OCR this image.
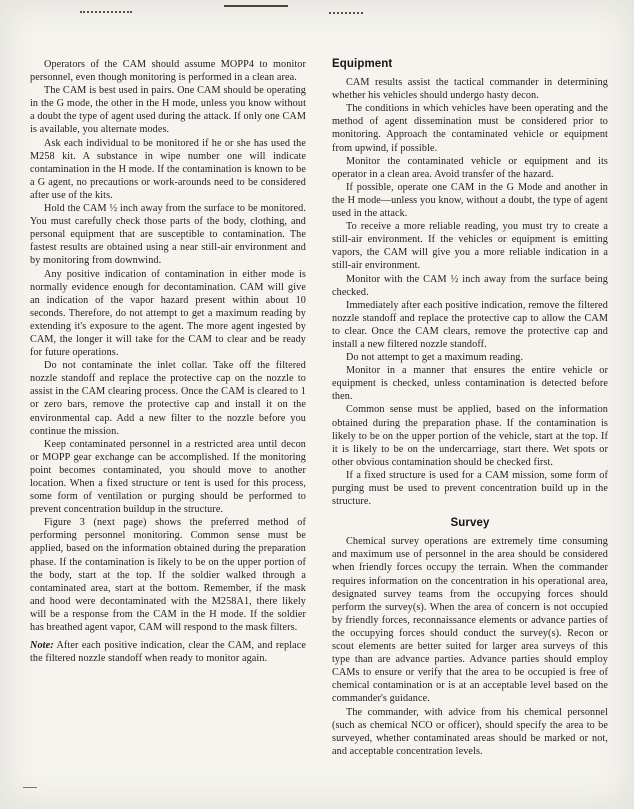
Operators of the CAM should assume MOPP4 to monitor personnel, even though monitoring is performed in a clean area.

The CAM is best used in pairs. One CAM should be operating in the G mode, the other in the H mode, unless you know without a doubt the type of agent used during the attack. If only one CAM is available, you alternate modes.

Ask each individual to be monitored if he or she has used the M258 kit. A substance in wipe number one will indicate contamination in the H mode. If the contamination is known to be a G agent, no precautions or work-arounds need to be considered after use of the kits.

Hold the CAM ½ inch away from the surface to be monitored. You must carefully check those parts of the body, clothing, and personal equipment that are susceptible to contamination. The fastest results are obtained using a near still-air environment and by monitoring from downwind.

Any positive indication of contamination in either mode is normally evidence enough for decontamination. CAM will give an indication of the vapor hazard present within about 10 seconds. Therefore, do not attempt to get a maximum reading by extending it's exposure to the agent. The more agent ingested by CAM, the longer it will take for the CAM to clear and be ready for future operations.

Do not contaminate the inlet collar. Take off the filtered nozzle standoff and replace the protective cap on the nozzle to assist in the CAM clearing process. Once the CAM is cleared to 1 or zero bars, remove the protective cap and install it on the environmental cap. Add a new filter to the nozzle before you continue the mission.

Keep contaminated personnel in a restricted area until decon or MOPP gear exchange can be accomplished. If the monitoring point becomes contaminated, you should move to another location. When a fixed structure or tent is used for this process, some form of ventilation or purging should be performed to prevent concentration buildup in the structure.

Figure 3 (next page) shows the preferred method of performing personnel monitoring. Common sense must be applied, based on the information obtained during the preparation phase. If the contamination is likely to be on the upper portion of the body, start at the top. If the soldier walked through a contaminated area, start at the bottom. Remember, if the mask and hood were decontaminated with the M258A1, there likely will be a response from the CAM in the H mode. If the soldier has breathed agent vapor, CAM will respond to the mask filters.

Note: After each positive indication, clear the CAM, and replace the filtered nozzle standoff when ready to monitor again.

Equipment

CAM results assist the tactical commander in determining whether his vehicles should undergo hasty decon.

The conditions in which vehicles have been operating and the method of agent dissemination must be considered prior to monitoring. Approach the contaminated vehicle or equipment from upwind, if possible.

Monitor the contaminated vehicle or equipment and its operator in a clean area. Avoid transfer of the hazard.

If possible, operate one CAM in the G Mode and another in the H mode—unless you know, without a doubt, the type of agent used in the attack.

To receive a more reliable reading, you must try to create a still-air environment. If the vehicles or equipment is emitting vapors, the CAM will give you a more reliable indication in a still-air environment.

Monitor with the CAM ½ inch away from the surface being checked.

Immediately after each positive indication, remove the filtered nozzle standoff and replace the protective cap to allow the CAM to clear. Once the CAM clears, remove the protective cap and install a new filtered nozzle standoff.

Do not attempt to get a maximum reading.

Monitor in a manner that ensures the entire vehicle or equipment is checked, unless contamination is detected before then.

Common sense must be applied, based on the information obtained during the preparation phase. If the contamination is likely to be on the upper portion of the vehicle, start at the top. If it is likely to be on the undercarriage, start there. Wet spots or other obvious contamination should be checked first.

If a fixed structure is used for a CAM mission, some form of purging must be used to prevent concentration build up in the structure.

Survey

Chemical survey operations are extremely time consuming and maximum use of personnel in the area should be considered when friendly forces occupy the terrain. When the commander requires information on the concentration in his operational area, designated survey teams from the occupying forces should perform the survey(s). When the area of concern is not occupied by friendly forces, reconnaissance elements or advance parties of the occupying forces should conduct the survey(s). Recon or scout elements are better suited for larger area surveys of this type than are advance parties. Advance parties should employ CAMs to ensure or verify that the area to be occupied is free of chemical contamination or is at an acceptable level based on the commander's guidance.

The commander, with advice from his chemical personnel (such as chemical NCO or officer), should specify the area to be surveyed, whether contaminated areas should be marked or not, and acceptable concentration levels.
